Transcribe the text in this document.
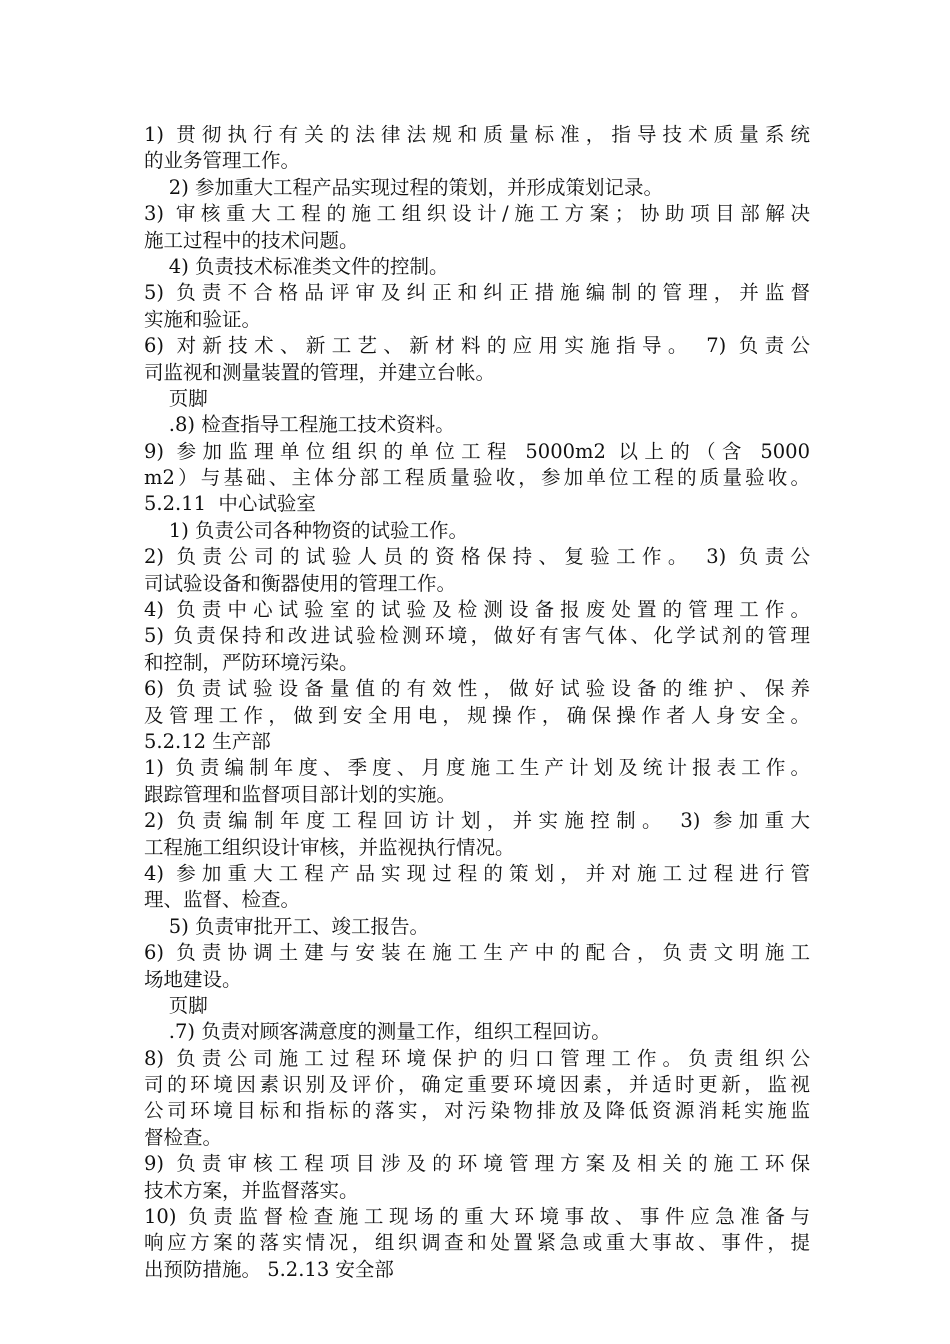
1) 贯彻执行有关的法律法规和质量标准，指导技术质量系统
的业务管理工作。
2) 参加重大工程产品实现过程的策划，并形成策划记录。
3) 审核重大工程的施工组织设计/施工方案；协助项目部解决
施工过程中的技术问题。
4) 负责技术标准类文件的控制。
5) 负责不合格品评审及纠正和纠正措施编制的管理，并监督
实施和验证。
6) 对新技术、新工艺、新材料的应用实施指导。 7) 负责公
司监视和测量装置的管理，并建立台帐。
页脚
.8) 检查指导工程施工技术资料。
9) 参加监理单位组织的单位工程 5000m2 以上的（含 5000
m2）与基础、主体分部工程质量验收，参加单位工程的质量验收。
5.2.11  中心试验室
1) 负责公司各种物资的试验工作。
2) 负责公司的试验人员的资格保持、复验工作。 3) 负责公
司试验设备和衡器使用的管理工作。
4) 负责中心试验室的试验及检测设备报废处置的管理工作。
5) 负责保持和改进试验检测环境，做好有害气体、化学试剂的管理
和控制，严防环境污染。
6) 负责试验设备量值的有效性，做好试验设备的维护、保养
及管理工作，做到安全用电，规操作，确保操作者人身安全。
5.2.12 生产部
1) 负责编制年度、季度、月度施工生产计划及统计报表工作。
跟踪管理和监督项目部计划的实施。
2) 负责编制年度工程回访计划，并实施控制。 3) 参加重大
工程施工组织设计审核，并监视执行情况。
4) 参加重大工程产品实现过程的策划，并对施工过程进行管
理、监督、检查。
5) 负责审批开工、竣工报告。
6) 负责协调土建与安装在施工生产中的配合，负责文明施工
场地建设。
页脚
.7) 负责对顾客满意度的测量工作，组织工程回访。
8) 负责公司施工过程环境保护的归口管理工作。负责组织公
司的环境因素识别及评价，确定重要环境因素，并适时更新，监视
公司环境目标和指标的落实，对污染物排放及降低资源消耗实施监
督检查。
9) 负责审核工程项目涉及的环境管理方案及相关的施工环保
技术方案，并监督落实。
10) 负责监督检查施工现场的重大环境事故、事件应急准备与
响应方案的落实情况，组织调查和处置紧急或重大事故、事件，提
出预防措施。 5.2.13 安全部
